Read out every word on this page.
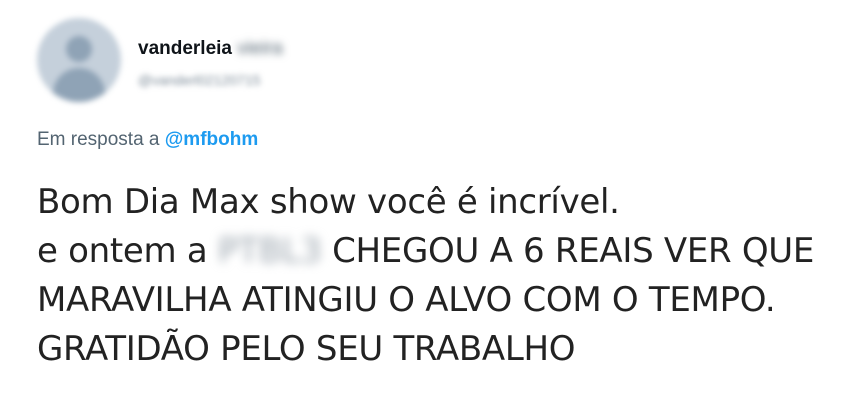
vanderleia vieira
@vanderl02120715
Em resposta a @mfbohm
Bom Dia Max show você é incrível.
e ontem a PTBL3 CHEGOU A 6 REAIS VER QUE
MARAVILHA ATINGIU O ALVO COM O TEMPO.
GRATIDÃO PELO SEU TRABALHO
